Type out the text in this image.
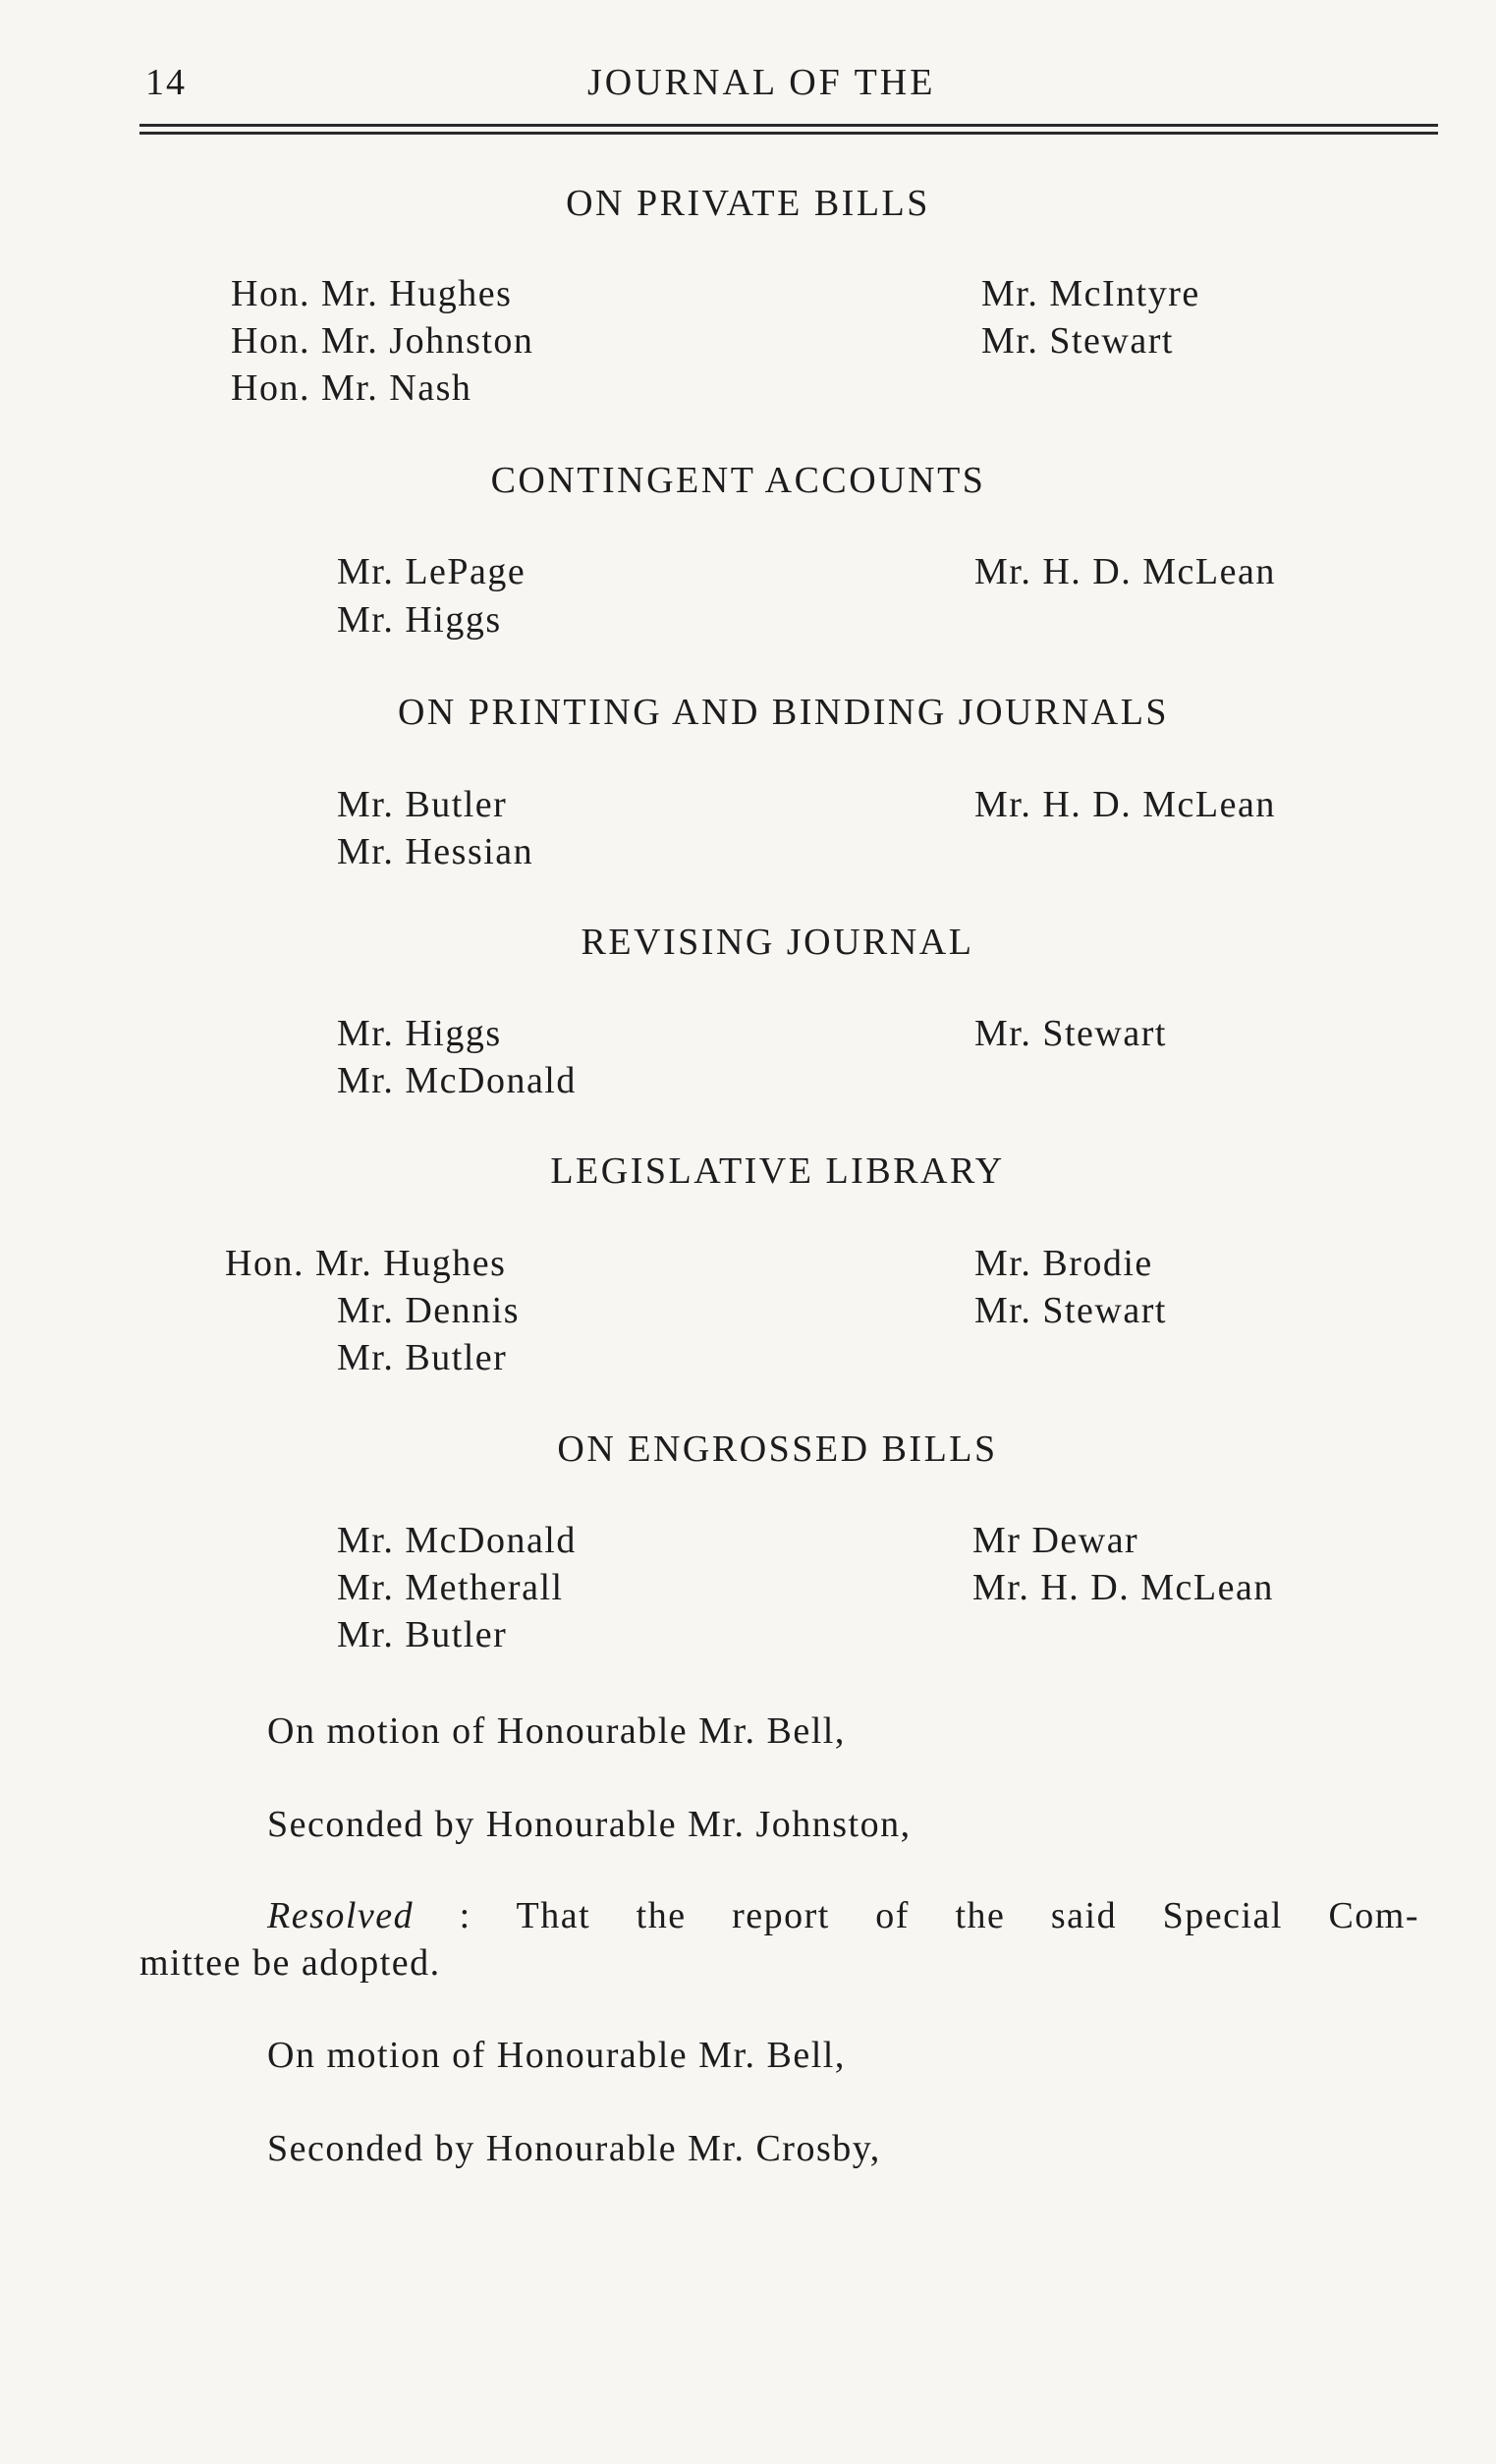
14	JOURNAL OF THE
ON PRIVATE BILLS
Hon. Mr. Hughes
Hon. Mr. Johnston
Hon. Mr. Nash
Mr. McIntyre
Mr. Stewart
CONTINGENT ACCOUNTS
Mr. LePage
Mr. Higgs
Mr. H. D. McLean
ON PRINTING AND BINDING JOURNALS
Mr. Butler
Mr. Hessian
Mr. H. D. McLean
REVISING JOURNAL
Mr. Higgs
Mr. McDonald
Mr. Stewart
LEGISLATIVE LIBRARY
Hon. Mr. Hughes
Mr. Dennis
Mr. Butler
Mr. Brodie
Mr. Stewart
ON ENGROSSED BILLS
Mr. McDonald
Mr. Metherall
Mr. Butler
Mr Dewar
Mr. H. D. McLean
On motion of Honourable Mr. Bell,
Seconded by Honourable Mr. Johnston,
Resolved : That the report of the said Special Com-
mittee be adopted.
On motion of Honourable Mr. Bell,
Seconded by Honourable Mr. Crosby,
